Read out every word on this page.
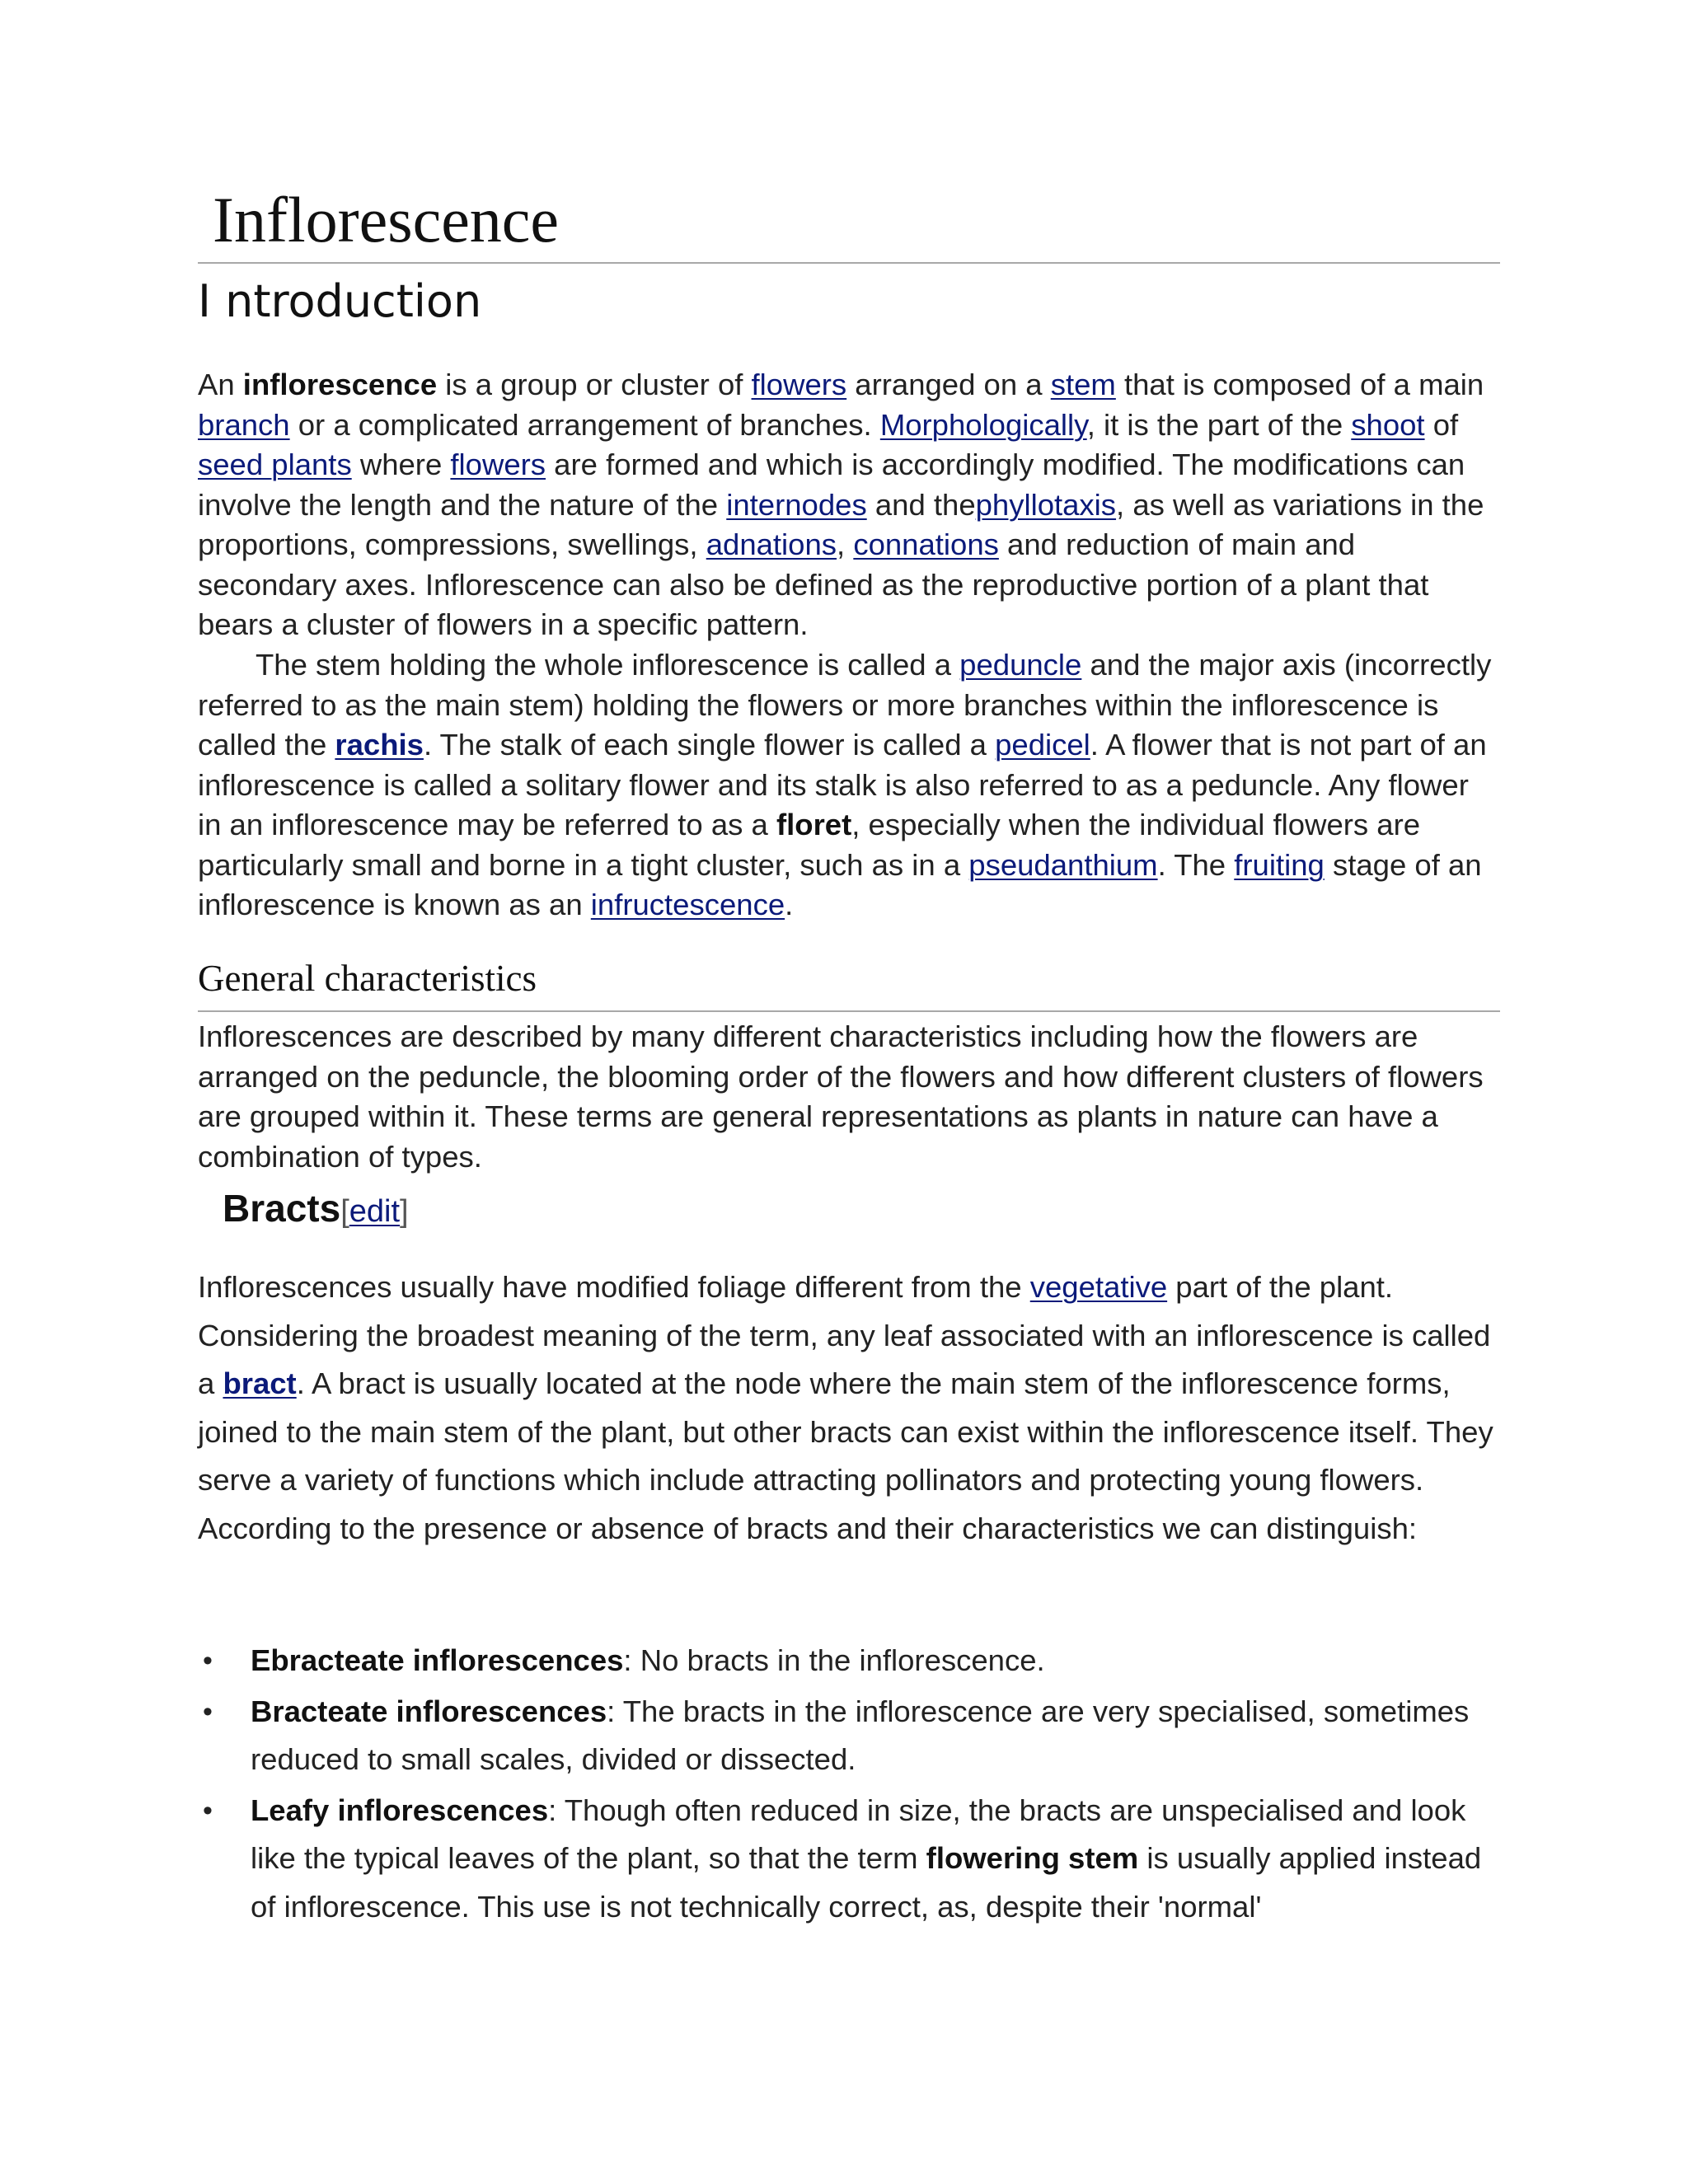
Inflorescence
I ntroduction

An inflorescence is a group or cluster of flowers arranged on a stem that is composed of a main branch or a complicated arrangement of branches. Morphologically, it is the part of the shoot of seed plants where flowers are formed and which is accordingly modified. The modifications can involve the length and the nature of the internodes and thephyllotaxis, as well as variations in the proportions, compressions, swellings, adnations, connations and reduction of main and secondary axes. Inflorescence can also be defined as the reproductive portion of a plant that bears a cluster of flowers in a specific pattern.

The stem holding the whole inflorescence is called a peduncle and the major axis (incorrectly referred to as the main stem) holding the flowers or more branches within the inflorescence is called the rachis. The stalk of each single flower is called a pedicel. A flower that is not part of an inflorescence is called a solitary flower and its stalk is also referred to as a peduncle. Any flower in an inflorescence may be referred to as a floret, especially when the individual flowers are particularly small and borne in a tight cluster, such as in a pseudanthium. The fruiting stage of an inflorescence is known as an infructescence.

General characteristics

Inflorescences are described by many different characteristics including how the flowers are arranged on the peduncle, the blooming order of the flowers and how different clusters of flowers are grouped within it. These terms are general representations as plants in nature can have a combination of types.

Bracts[edit]

Inflorescences usually have modified foliage different from the vegetative part of the plant. Considering the broadest meaning of the term, any leaf associated with an inflorescence is called a bract. A bract is usually located at the node where the main stem of the inflorescence forms, joined to the main stem of the plant, but other bracts can exist within the inflorescence itself. They serve a variety of functions which include attracting pollinators and protecting young flowers. According to the presence or absence of bracts and their characteristics we can distinguish:

• Ebracteate inflorescences: No bracts in the inflorescence.
• Bracteate inflorescences: The bracts in the inflorescence are very specialised, sometimes reduced to small scales, divided or dissected.
• Leafy inflorescences: Though often reduced in size, the bracts are unspecialised and look like the typical leaves of the plant, so that the term flowering stem is usually applied instead of inflorescence. This use is not technically correct, as, despite their 'normal'
